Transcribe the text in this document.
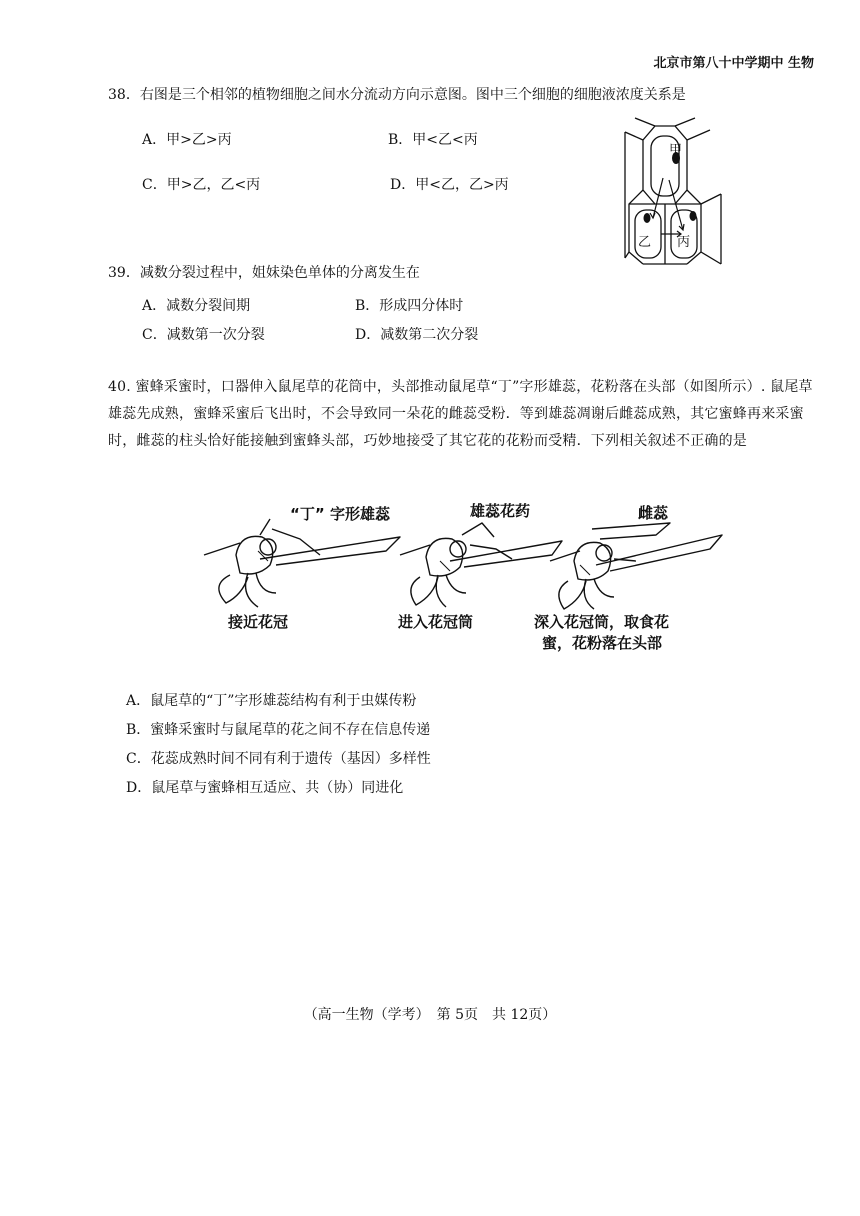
北京市第八十中学期中 生物
38．右图是三个相邻的植物细胞之间水分流动方向示意图。图中三个细胞的细胞液浓度关系是
A．甲>乙>丙	B．甲<乙<丙
C．甲>乙，乙<丙	D．甲<乙，乙>丙
甲
乙 丙
39．减数分裂过程中，姐妹染色单体的分离发生在
A．减数分裂间期	B．形成四分体时
C．减数第一次分裂	D．减数第二次分裂
40. 蜜蜂采蜜时，口器伸入鼠尾草的花筒中，头部推动鼠尾草“丁”字形雄蕊，花粉落在头部（如图所示）. 鼠尾草雄蕊先成熟，蜜蜂采蜜后飞出时，不会导致同一朵花的雌蕊受粉．等到雄蕊凋谢后雌蕊成熟，其它蜜蜂再来采蜜时，雌蕊的柱头恰好能接触到蜜蜂头部，巧妙地接受了其它花的花粉而受精．下列相关叙述不正确的是
“丁” 字形雄蕊	雄蕊花药	雌蕊
接近花冠	进入花冠筒	深入花冠筒，取食花
蜜，花粉落在头部
A．鼠尾草的“丁”字形雄蕊结构有利于虫媒传粉
B．蜜蜂采蜜时与鼠尾草的花之间不存在信息传递
C．花蕊成熟时间不同有利于遗传（基因）多样性
D．鼠尾草与蜜蜂相互适应、共（协）同进化
（高一生物（学考）　第 5页　共 12页）
